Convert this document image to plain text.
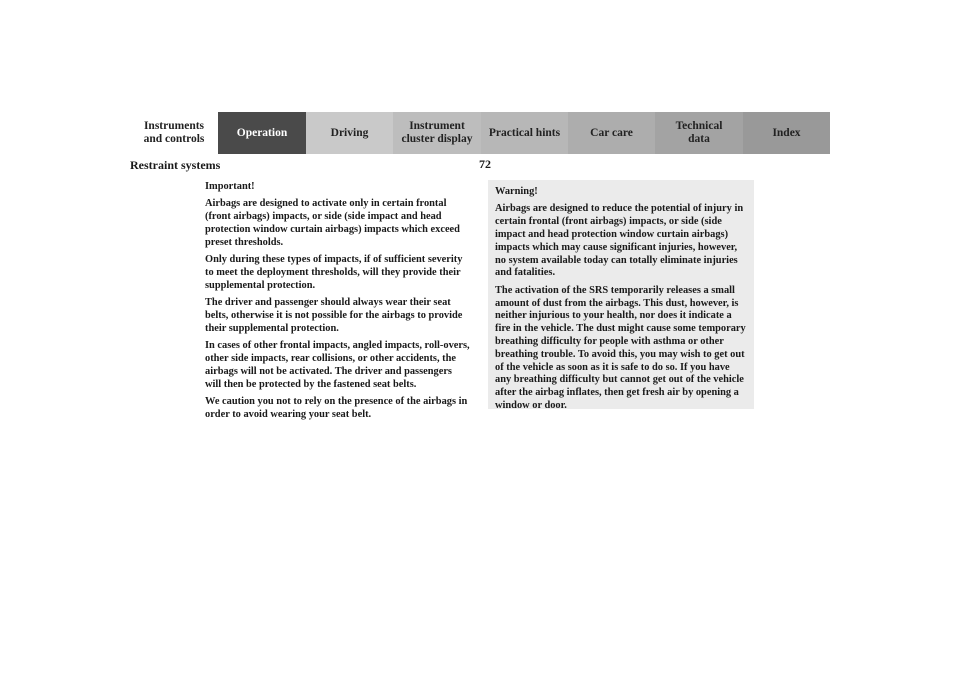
Instruments
and controls
Operation	Driving
Instrument
cluster display
Practical hints	Car care
Technical
data
Index
Restraint systems	72

Important!

Airbags are designed to activate only in certain frontal (front airbags) impacts, or side (side impact and head protection window curtain airbags) impacts which exceed preset thresholds.

Only during these types of impacts, if of sufficient severity to meet the deployment thresholds, will they provide their supplemental protection.

The driver and passenger should always wear their seat belts, otherwise it is not possible for the airbags to provide their supplemental protection.

In cases of other frontal impacts, angled impacts, roll-overs, other side impacts, rear collisions, or other accidents, the airbags will not be activated. The driver and passengers will then be protected by the fastened seat belts.

We caution you not to rely on the presence of the airbags in order to avoid wearing your seat belt.

Warning!

Airbags are designed to reduce the potential of injury in certain frontal (front airbags) impacts, or side (side impact and head protection window curtain airbags) impacts which may cause significant injuries, however, no system available today can totally eliminate injuries and fatalities.

The activation of the SRS temporarily releases a small amount of dust from the airbags. This dust, however, is neither injurious to your health, nor does it indicate a fire in the vehicle. The dust might cause some temporary breathing difficulty for people with asthma or other breathing trouble. To avoid this, you may wish to get out of the vehicle as soon as it is safe to do so. If you have any breathing difficulty but cannot get out of the vehicle after the airbag inflates, then get fresh air by opening a window or door.
